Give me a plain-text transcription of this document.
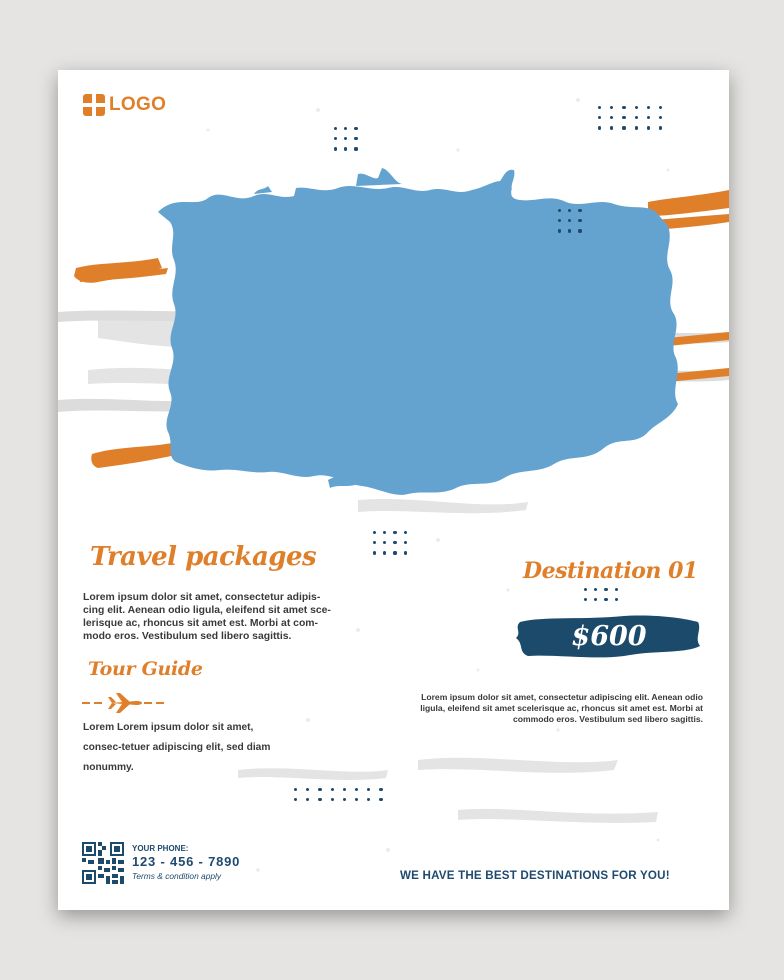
LOGO
Travel packages
Lorem ipsum dolor sit amet, consectetur adipis-cing elit. Aenean odio ligula, eleifend sit amet sce-lerisque ac, rhoncus sit amet est. Morbi at com-modo eros. Vestibulum sed libero sagittis.
Tour Guide
Lorem Lorem ipsum dolor sit amet, consec-tetuer adipiscing elit, sed diam nonummy.
Destination 01
$600
Lorem ipsum dolor sit amet, consectetur adipiscing elit. Aenean odio ligula, eleifend sit amet scelerisque ac, rhoncus sit amet est. Morbi at commodo eros. Vestibulum sed libero sagittis.
YOUR PHONE:
123 - 456 - 7890
Terms & condition apply	WE HAVE THE BEST DESTINATIONS FOR YOU!
